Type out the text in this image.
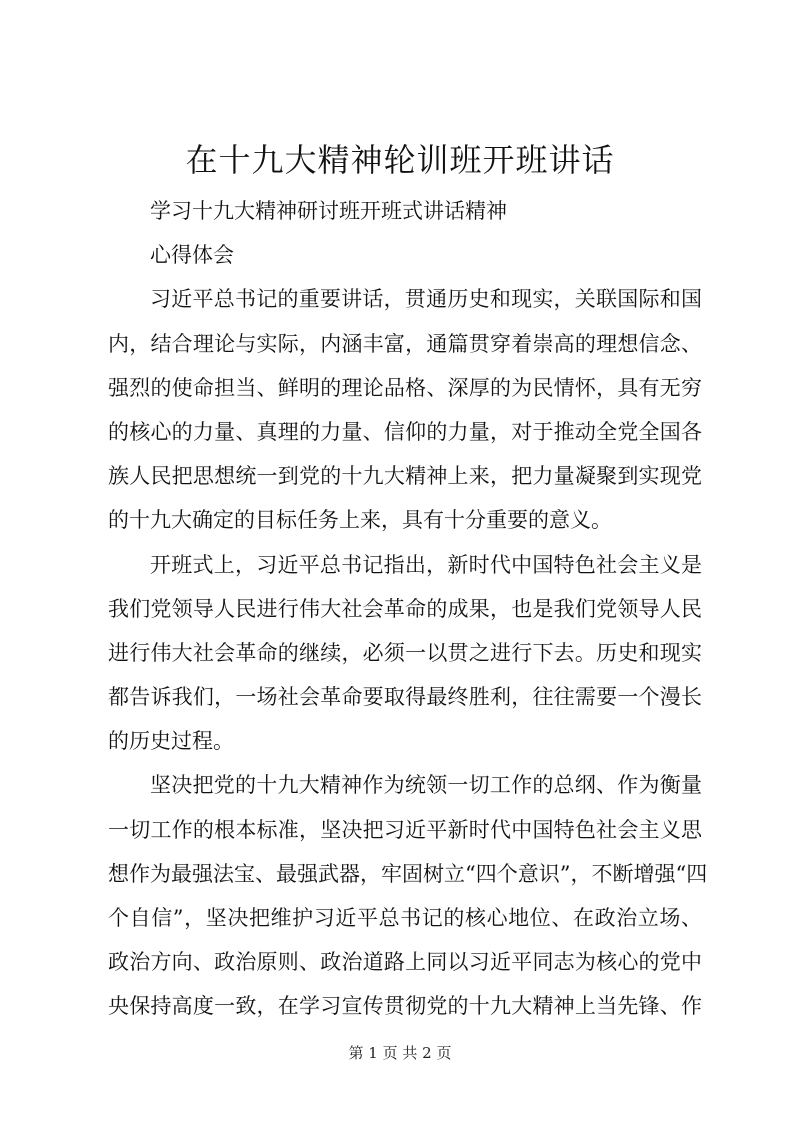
在十九大精神轮训班开班讲话
学习十九大精神研讨班开班式讲话精神
心得体会
习近平总书记的重要讲话，贯通历史和现实，关联国际和国
内，结合理论与实际，内涵丰富，通篇贯穿着崇高的理想信念、
强烈的使命担当、鲜明的理论品格、深厚的为民情怀，具有无穷
的核心的力量、真理的力量、信仰的力量，对于推动全党全国各
族人民把思想统一到党的十九大精神上来，把力量凝聚到实现党
的十九大确定的目标任务上来，具有十分重要的意义。
开班式上，习近平总书记指出，新时代中国特色社会主义是
我们党领导人民进行伟大社会革命的成果，也是我们党领导人民
进行伟大社会革命的继续，必须一以贯之进行下去。历史和现实
都告诉我们，一场社会革命要取得最终胜利，往往需要一个漫长
的历史过程。
坚决把党的十九大精神作为统领一切工作的总纲、作为衡量
一切工作的根本标准，坚决把习近平新时代中国特色社会主义思
想作为最强法宝、最强武器，牢固树立“四个意识”，不断增强“四
个自信”，坚决把维护习近平总书记的核心地位、在政治立场、
政治方向、政治原则、政治道路上同以习近平同志为核心的党中
央保持高度一致，在学习宣传贯彻党的十九大精神上当先锋、作
第 1 页 共 2 页
